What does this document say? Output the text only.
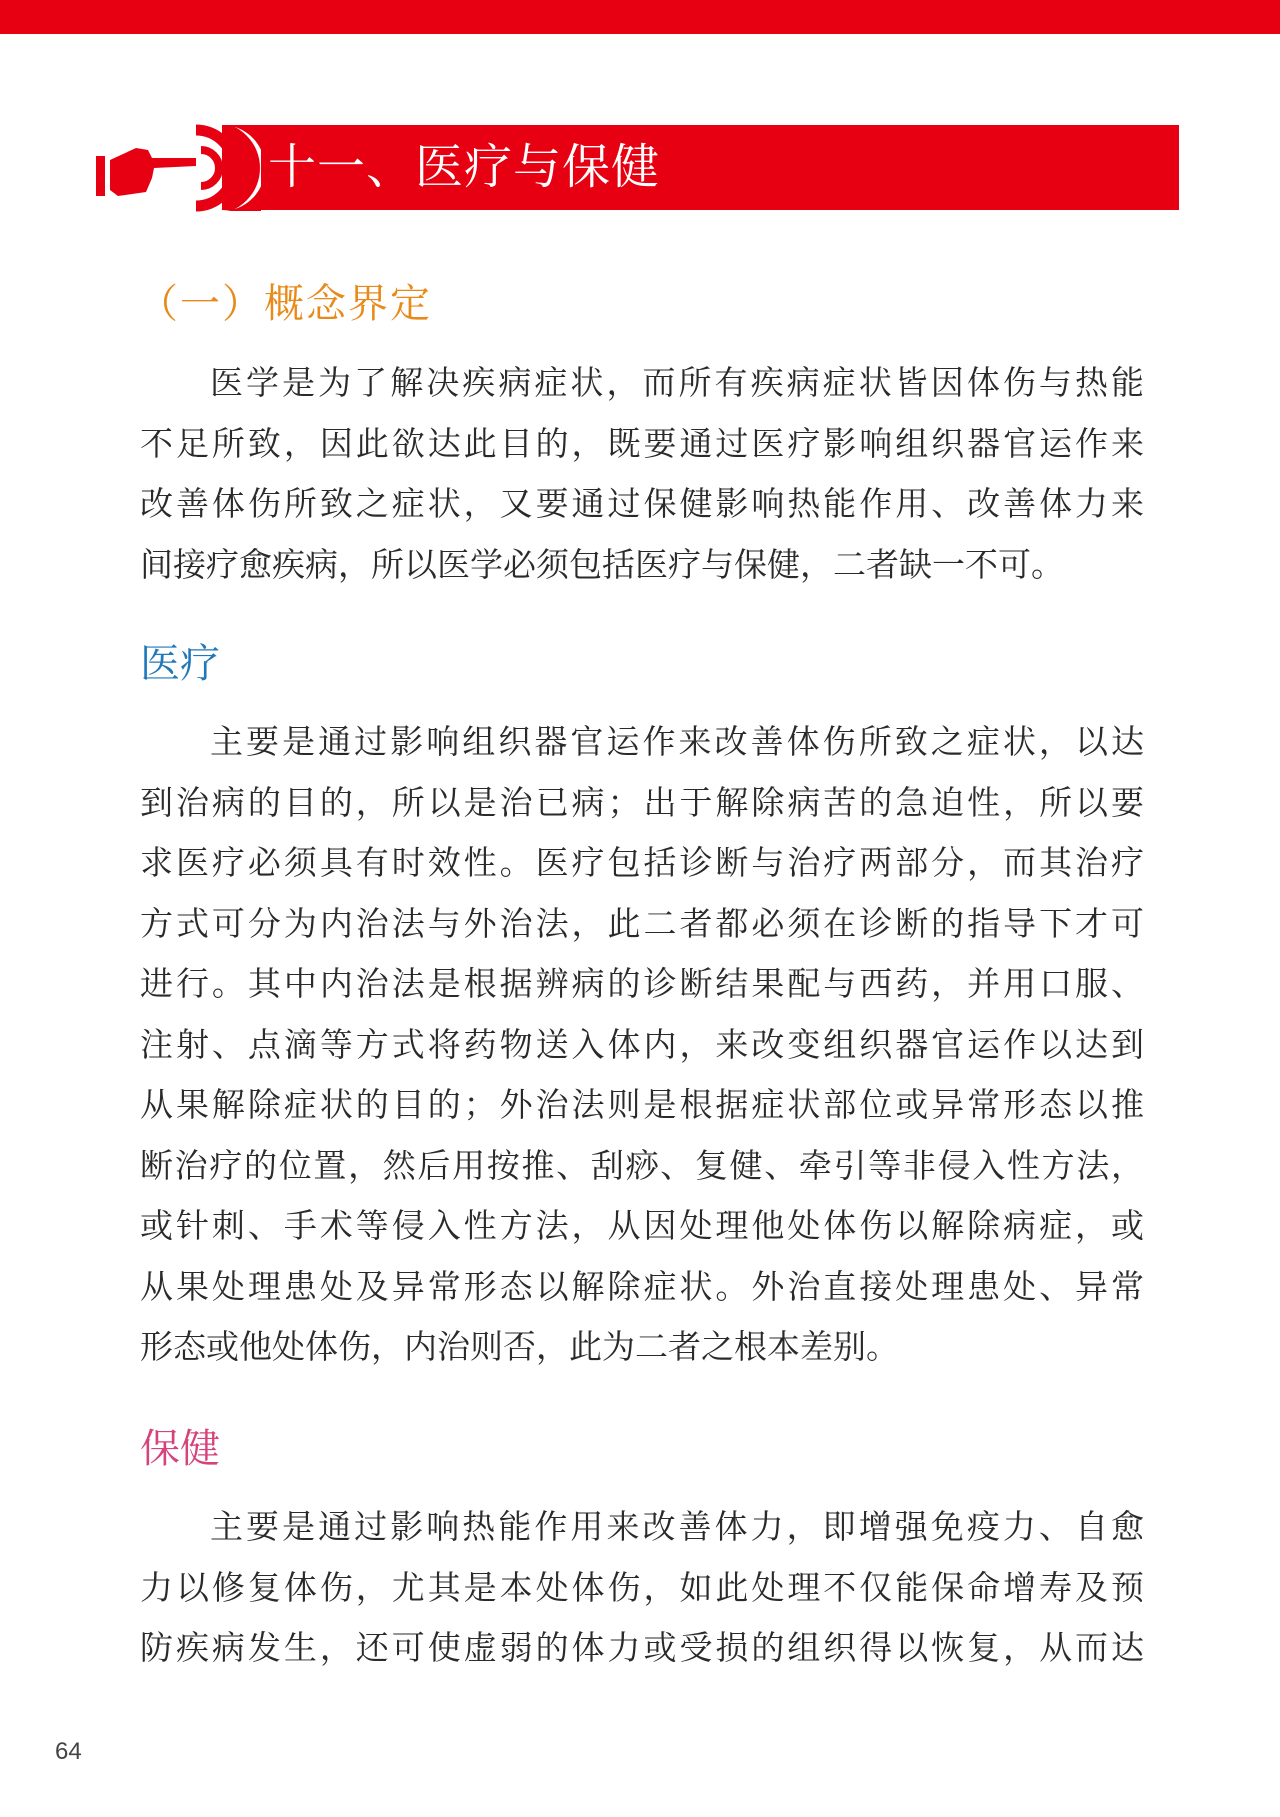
十一、医疗与保健
（一）概念界定
医学是为了解决疾病症状，而所有疾病症状皆因体伤与热能
不足所致，因此欲达此目的，既要通过医疗影响组织器官运作来
改善体伤所致之症状，又要通过保健影响热能作用、改善体力来
间接疗愈疾病，所以医学必须包括医疗与保健，二者缺一不可。
医疗
主要是通过影响组织器官运作来改善体伤所致之症状，以达
到治病的目的，所以是治已病；出于解除病苦的急迫性，所以要
求医疗必须具有时效性。医疗包括诊断与治疗两部分，而其治疗
方式可分为内治法与外治法，此二者都必须在诊断的指导下才可
进行。其中内治法是根据辨病的诊断结果配与西药，并用口服、
注射、点滴等方式将药物送入体内，来改变组织器官运作以达到
从果解除症状的目的；外治法则是根据症状部位或异常形态以推
断治疗的位置，然后用按推、刮痧、复健、牵引等非侵入性方法，
或针刺、手术等侵入性方法，从因处理他处体伤以解除病症，或
从果处理患处及异常形态以解除症状。外治直接处理患处、异常
形态或他处体伤，内治则否，此为二者之根本差别。
保健
主要是通过影响热能作用来改善体力，即增强免疫力、自愈
力以修复体伤，尤其是本处体伤，如此处理不仅能保命增寿及预
防疾病发生，还可使虚弱的体力或受损的组织得以恢复，从而达
64
